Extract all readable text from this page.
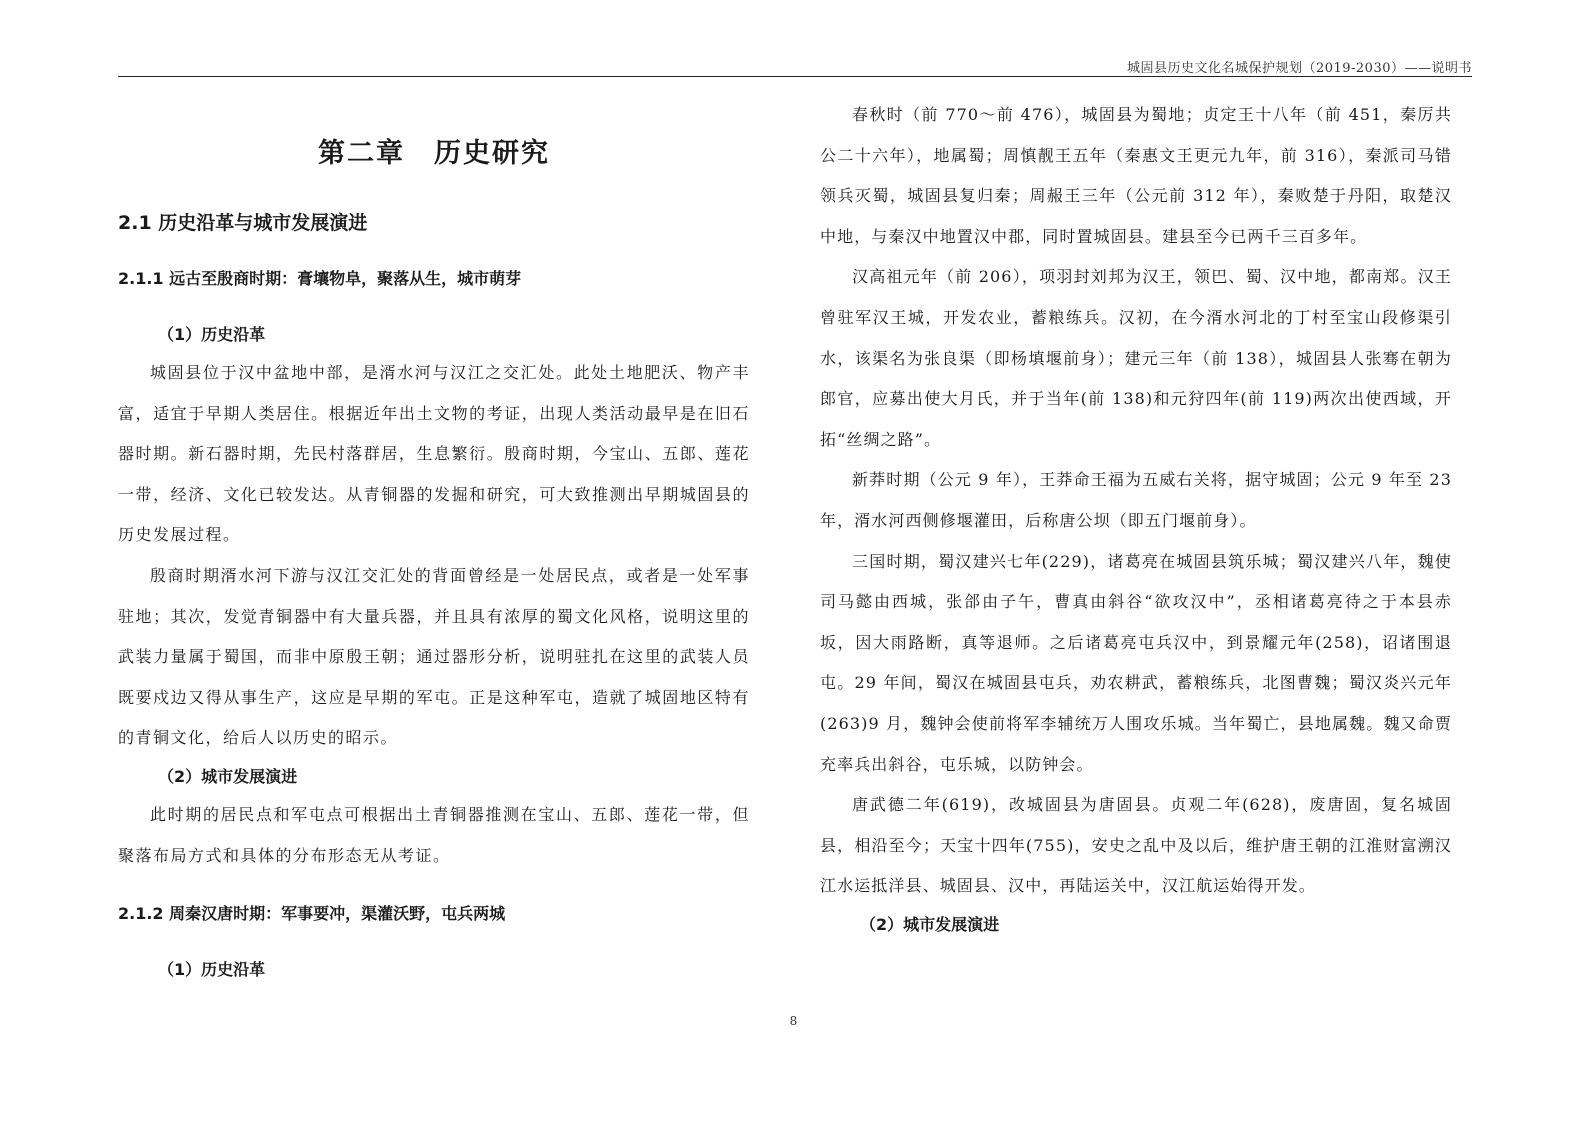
城固县历史文化名城保护规划（2019-2030）——说明书
第二章　历史研究
2.1 历史沿革与城市发展演进
2.1.1 远古至殷商时期：膏壤物阜，聚落从生，城市萌芽
（1）历史沿革

城固县位于汉中盆地中部，是湑水河与汉江之交汇处。此处土地肥沃、物产丰富，适宜于早期人类居住。根据近年出土文物的考证，出现人类活动最早是在旧石器时期。新石器时期，先民村落群居，生息繁衍。殷商时期，今宝山、五郎、莲花一带，经济、文化已较发达。从青铜器的发掘和研究，可大致推测出早期城固县的历史发展过程。

殷商时期湑水河下游与汉江交汇处的背面曾经是一处居民点，或者是一处军事驻地；其次，发觉青铜器中有大量兵器，并且具有浓厚的蜀文化风格，说明这里的武装力量属于蜀国，而非中原殷王朝；通过器形分析，说明驻扎在这里的武装人员既要戍边又得从事生产，这应是早期的军屯。正是这种军屯，造就了城固地区特有的青铜文化，给后人以历史的昭示。

（2）城市发展演进

此时期的居民点和军屯点可根据出土青铜器推测在宝山、五郎、莲花一带，但聚落布局方式和具体的分布形态无从考证。

2.1.2 周秦汉唐时期：军事要冲，渠灌沃野，屯兵两城
（1）历史沿革

春秋时（前 770～前 476），城固县为蜀地；贞定王十八年（前 451，秦厉共公二十六年），地属蜀；周慎靓王五年（秦惠文王更元九年，前 316），秦派司马错领兵灭蜀，城固县复归秦；周赧王三年（公元前 312 年），秦败楚于丹阳，取楚汉中地，与秦汉中地置汉中郡，同时置城固县。建县至今已两千三百多年。

汉高祖元年（前 206），项羽封刘邦为汉王，领巴、蜀、汉中地，都南郑。汉王曾驻军汉王城，开发农业，蓄粮练兵。汉初，在今湑水河北的丁村至宝山段修渠引水，该渠名为张良渠（即杨填堰前身）；建元三年（前 138），城固县人张骞在朝为郎官，应募出使大月氏，并于当年(前 138)和元狩四年(前 119)两次出使西域，开拓“丝绸之路”。

新莽时期（公元 9 年），王莽命王福为五威右关将，据守城固；公元 9 年至 23 年，湑水河西侧修堰灌田，后称唐公坝（即五门堰前身）。

三国时期，蜀汉建兴七年(229)，诸葛亮在城固县筑乐城；蜀汉建兴八年，魏使司马懿由西城，张郃由子午，曹真由斜谷“欲攻汉中”，丞相诸葛亮待之于本县赤坂，因大雨路断，真等退师。之后诸葛亮屯兵汉中，到景耀元年(258)，诏诸围退屯。29 年间，蜀汉在城固县屯兵，劝农耕武，蓄粮练兵，北图曹魏；蜀汉炎兴元年(263)9 月，魏钟会使前将军李辅统万人围攻乐城。当年蜀亡，县地属魏。魏又命贾充率兵出斜谷，屯乐城，以防钟会。

唐武德二年(619)，改城固县为唐固县。贞观二年(628)，废唐固，复名城固县，相沿至今；天宝十四年(755)，安史之乱中及以后，维护唐王朝的江淮财富溯汉江水运抵洋县、城固县、汉中，再陆运关中，汉江航运始得开发。

（2）城市发展演进
8
